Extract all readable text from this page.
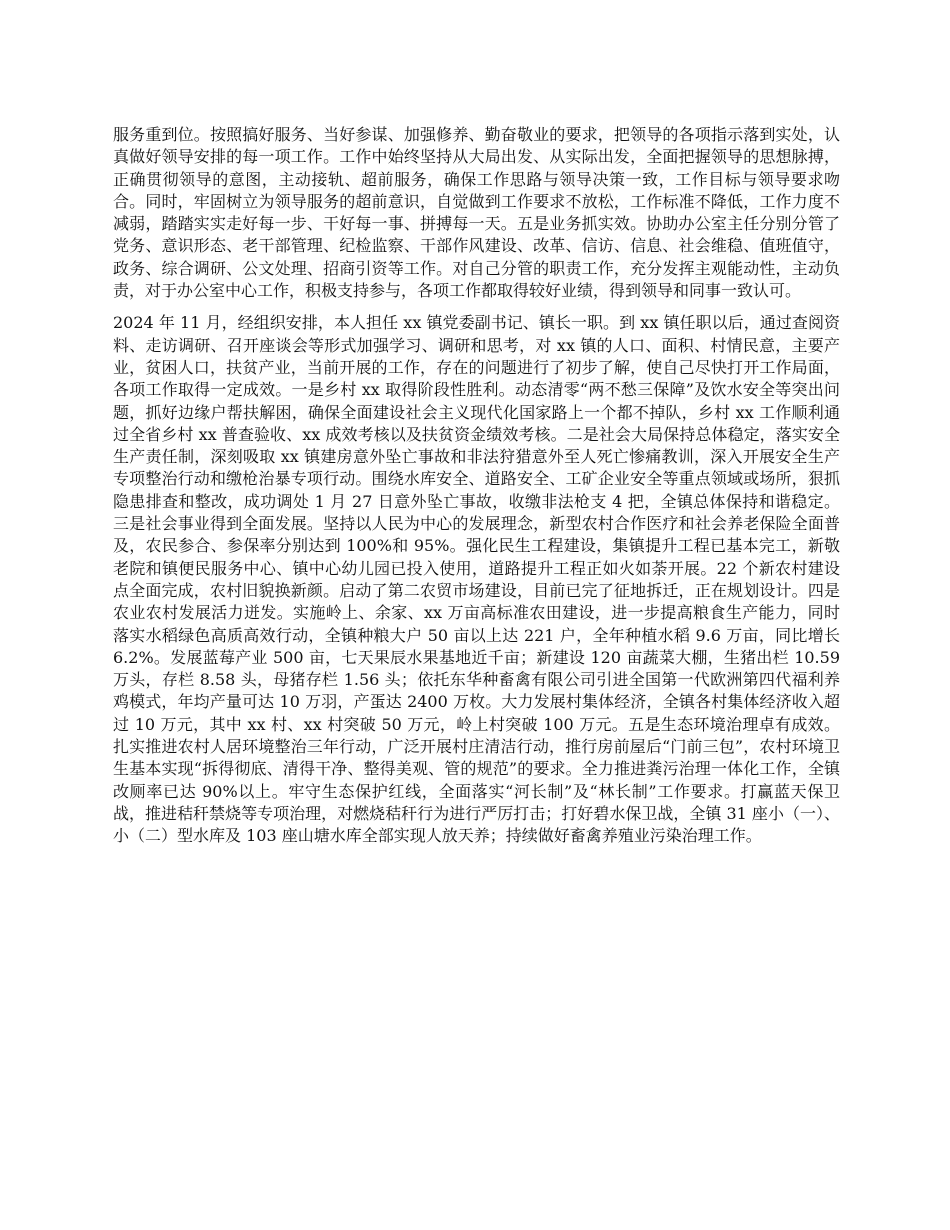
服务重到位。按照搞好服务、当好参谋、加强修养、勤奋敬业的要求，把领导的各项指示落到实处，认真做好领导安排的每一项工作。工作中始终坚持从大局出发、从实际出发，全面把握领导的思想脉搏，正确贯彻领导的意图，主动接轨、超前服务，确保工作思路与领导决策一致，工作目标与领导要求吻合。同时，牢固树立为领导服务的超前意识，自觉做到工作要求不放松，工作标准不降低，工作力度不减弱，踏踏实实走好每一步、干好每一事、拼搏每一天。五是业务抓实效。协助办公室主任分别分管了党务、意识形态、老干部管理、纪检监察、干部作风建设、改革、信访、信息、社会维稳、值班值守，政务、综合调研、公文处理、招商引资等工作。对自己分管的职责工作，充分发挥主观能动性，主动负责，对于办公室中心工作，积极支持参与，各项工作都取得较好业绩，得到领导和同事一致认可。

2024 年 11 月，经组织安排，本人担任 xx 镇党委副书记、镇长一职。到 xx 镇任职以后，通过查阅资料、走访调研、召开座谈会等形式加强学习、调研和思考，对 xx 镇的人口、面积、村情民意，主要产业，贫困人口，扶贫产业，当前开展的工作，存在的问题进行了初步了解，使自己尽快打开工作局面，各项工作取得一定成效。一是乡村 xx 取得阶段性胜利。动态清零“两不愁三保障”及饮水安全等突出问题，抓好边缘户帮扶解困，确保全面建设社会主义现代化国家路上一个都不掉队，乡村 xx 工作顺利通过全省乡村 xx 普查验收、xx 成效考核以及扶贫资金绩效考核。二是社会大局保持总体稳定，落实安全生产责任制，深刻吸取 xx 镇建房意外坠亡事故和非法狩猎意外至人死亡惨痛教训，深入开展安全生产专项整治行动和缴枪治暴专项行动。围绕水库安全、道路安全、工矿企业安全等重点领域或场所，狠抓隐患排查和整改，成功调处 1 月 27 日意外坠亡事故，收缴非法枪支 4 把，全镇总体保持和谐稳定。三是社会事业得到全面发展。坚持以人民为中心的发展理念，新型农村合作医疗和社会养老保险全面普及，农民参合、参保率分别达到 100%和 95%。强化民生工程建设，集镇提升工程已基本完工，新敬老院和镇便民服务中心、镇中心幼儿园已投入使用，道路提升工程正如火如荼开展。22 个新农村建设点全面完成，农村旧貌换新颜。启动了第二农贸市场建设，目前已完了征地拆迁，正在规划设计。四是农业农村发展活力迸发。实施岭上、余家、xx 万亩高标准农田建设，进一步提高粮食生产能力，同时落实水稻绿色高质高效行动，全镇种粮大户 50 亩以上达 221 户，全年种植水稻 9.6 万亩，同比增长 6.2%。发展蓝莓产业 500 亩，七天果辰水果基地近千亩；新建设 120 亩蔬菜大棚，生猪出栏 10.59 万头，存栏 8.58 头，母猪存栏 1.56 头；依托东华种畜禽有限公司引进全国第一代欧洲第四代福利养鸡模式，年均产量可达 10 万羽，产蛋达 2400 万枚。大力发展村集体经济，全镇各村集体经济收入超过 10 万元，其中 xx 村、xx 村突破 50 万元，岭上村突破 100 万元。五是生态环境治理卓有成效。扎实推进农村人居环境整治三年行动，广泛开展村庄清洁行动，推行房前屋后“门前三包”，农村环境卫生基本实现“拆得彻底、清得干净、整得美观、管的规范”的要求。全力推进粪污治理一体化工作，全镇改厕率已达 90%以上。牢守生态保护红线，全面落实“河长制”及“林长制”工作要求。打赢蓝天保卫战，推进秸秆禁烧等专项治理，对燃烧秸秆行为进行严厉打击；打好碧水保卫战，全镇 31 座小（一）、小（二）型水库及 103 座山塘水库全部实现人放天养；持续做好畜禽养殖业污染治理工作。
